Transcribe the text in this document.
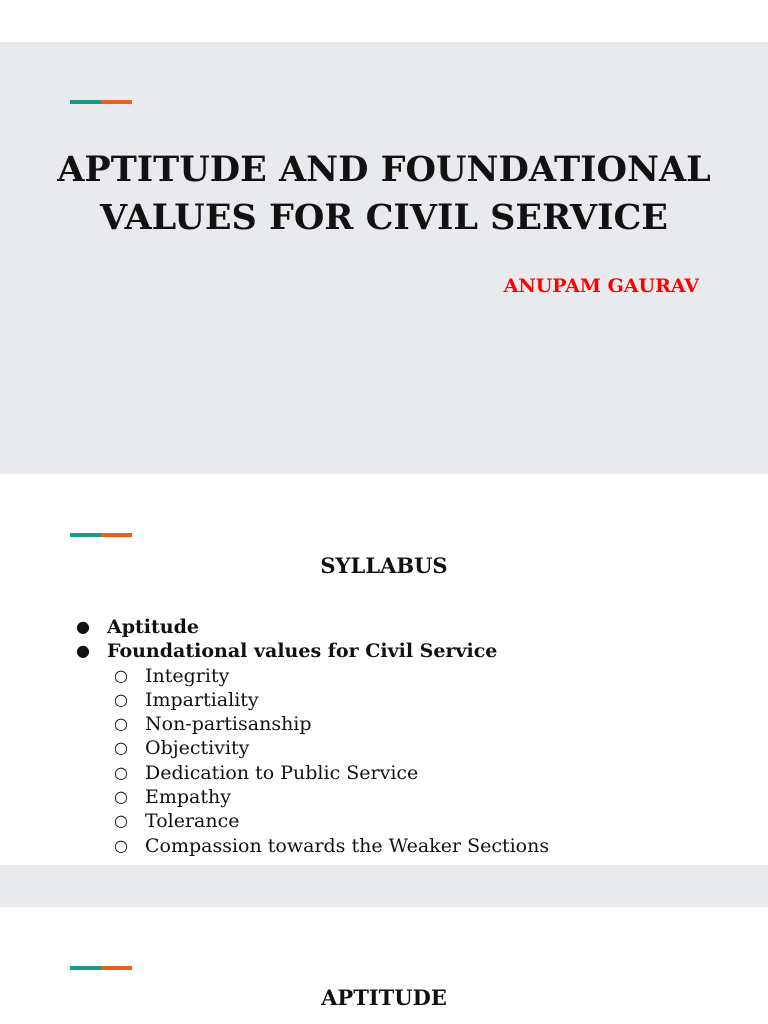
APTITUDE AND FOUNDATIONAL
VALUES FOR CIVIL SERVICE

ANUPAM GAURAV

SYLLABUS
● Aptitude
● Foundational values for Civil Service
○ Integrity
○ Impartiality
○ Non-partisanship
○ Objectivity
○ Dedication to Public Service
○ Empathy
○ Tolerance
○ Compassion towards the Weaker Sections
APTITUDE
